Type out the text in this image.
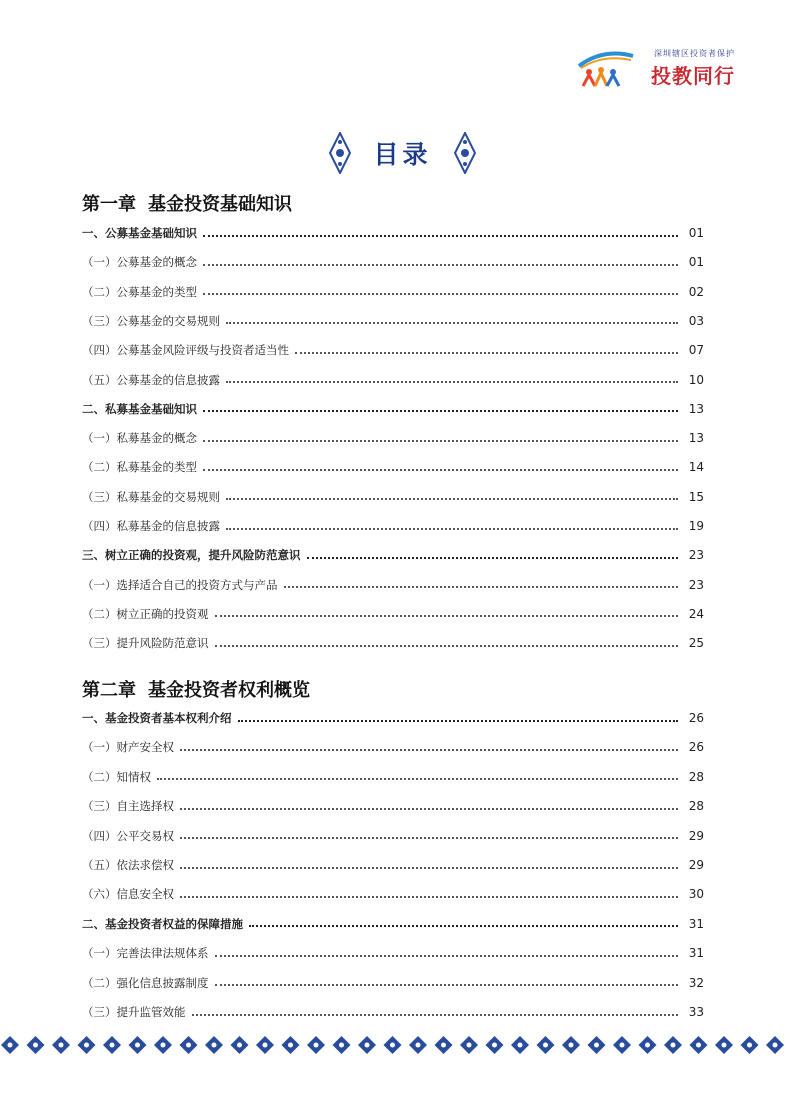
深圳辖区投资者保护
投教同行
目录
第一章 基金投资基础知识
一、公募基金基础知识	01
（一）公募基金的概念	01
（二）公募基金的类型	02
（三）公募基金的交易规则	03
（四）公募基金风险评级与投资者适当性	07
（五）公募基金的信息披露	10
二、私募基金基础知识	13
（一）私募基金的概念	13
（二）私募基金的类型	14
（三）私募基金的交易规则	15
（四）私募基金的信息披露	19
三、树立正确的投资观，提升风险防范意识	23
（一）选择适合自己的投资方式与产品	23
（二）树立正确的投资观	24
（三）提升风险防范意识	25
第二章 基金投资者权利概览
一、基金投资者基本权利介绍	26
（一）财产安全权	26
（二）知情权	28
（三）自主选择权	28
（四）公平交易权	29
（五）依法求偿权	29
（六）信息安全权	30
二、基金投资者权益的保障措施	31
（一）完善法律法规体系	31
（二）强化信息披露制度	32
（三）提升监管效能	33
